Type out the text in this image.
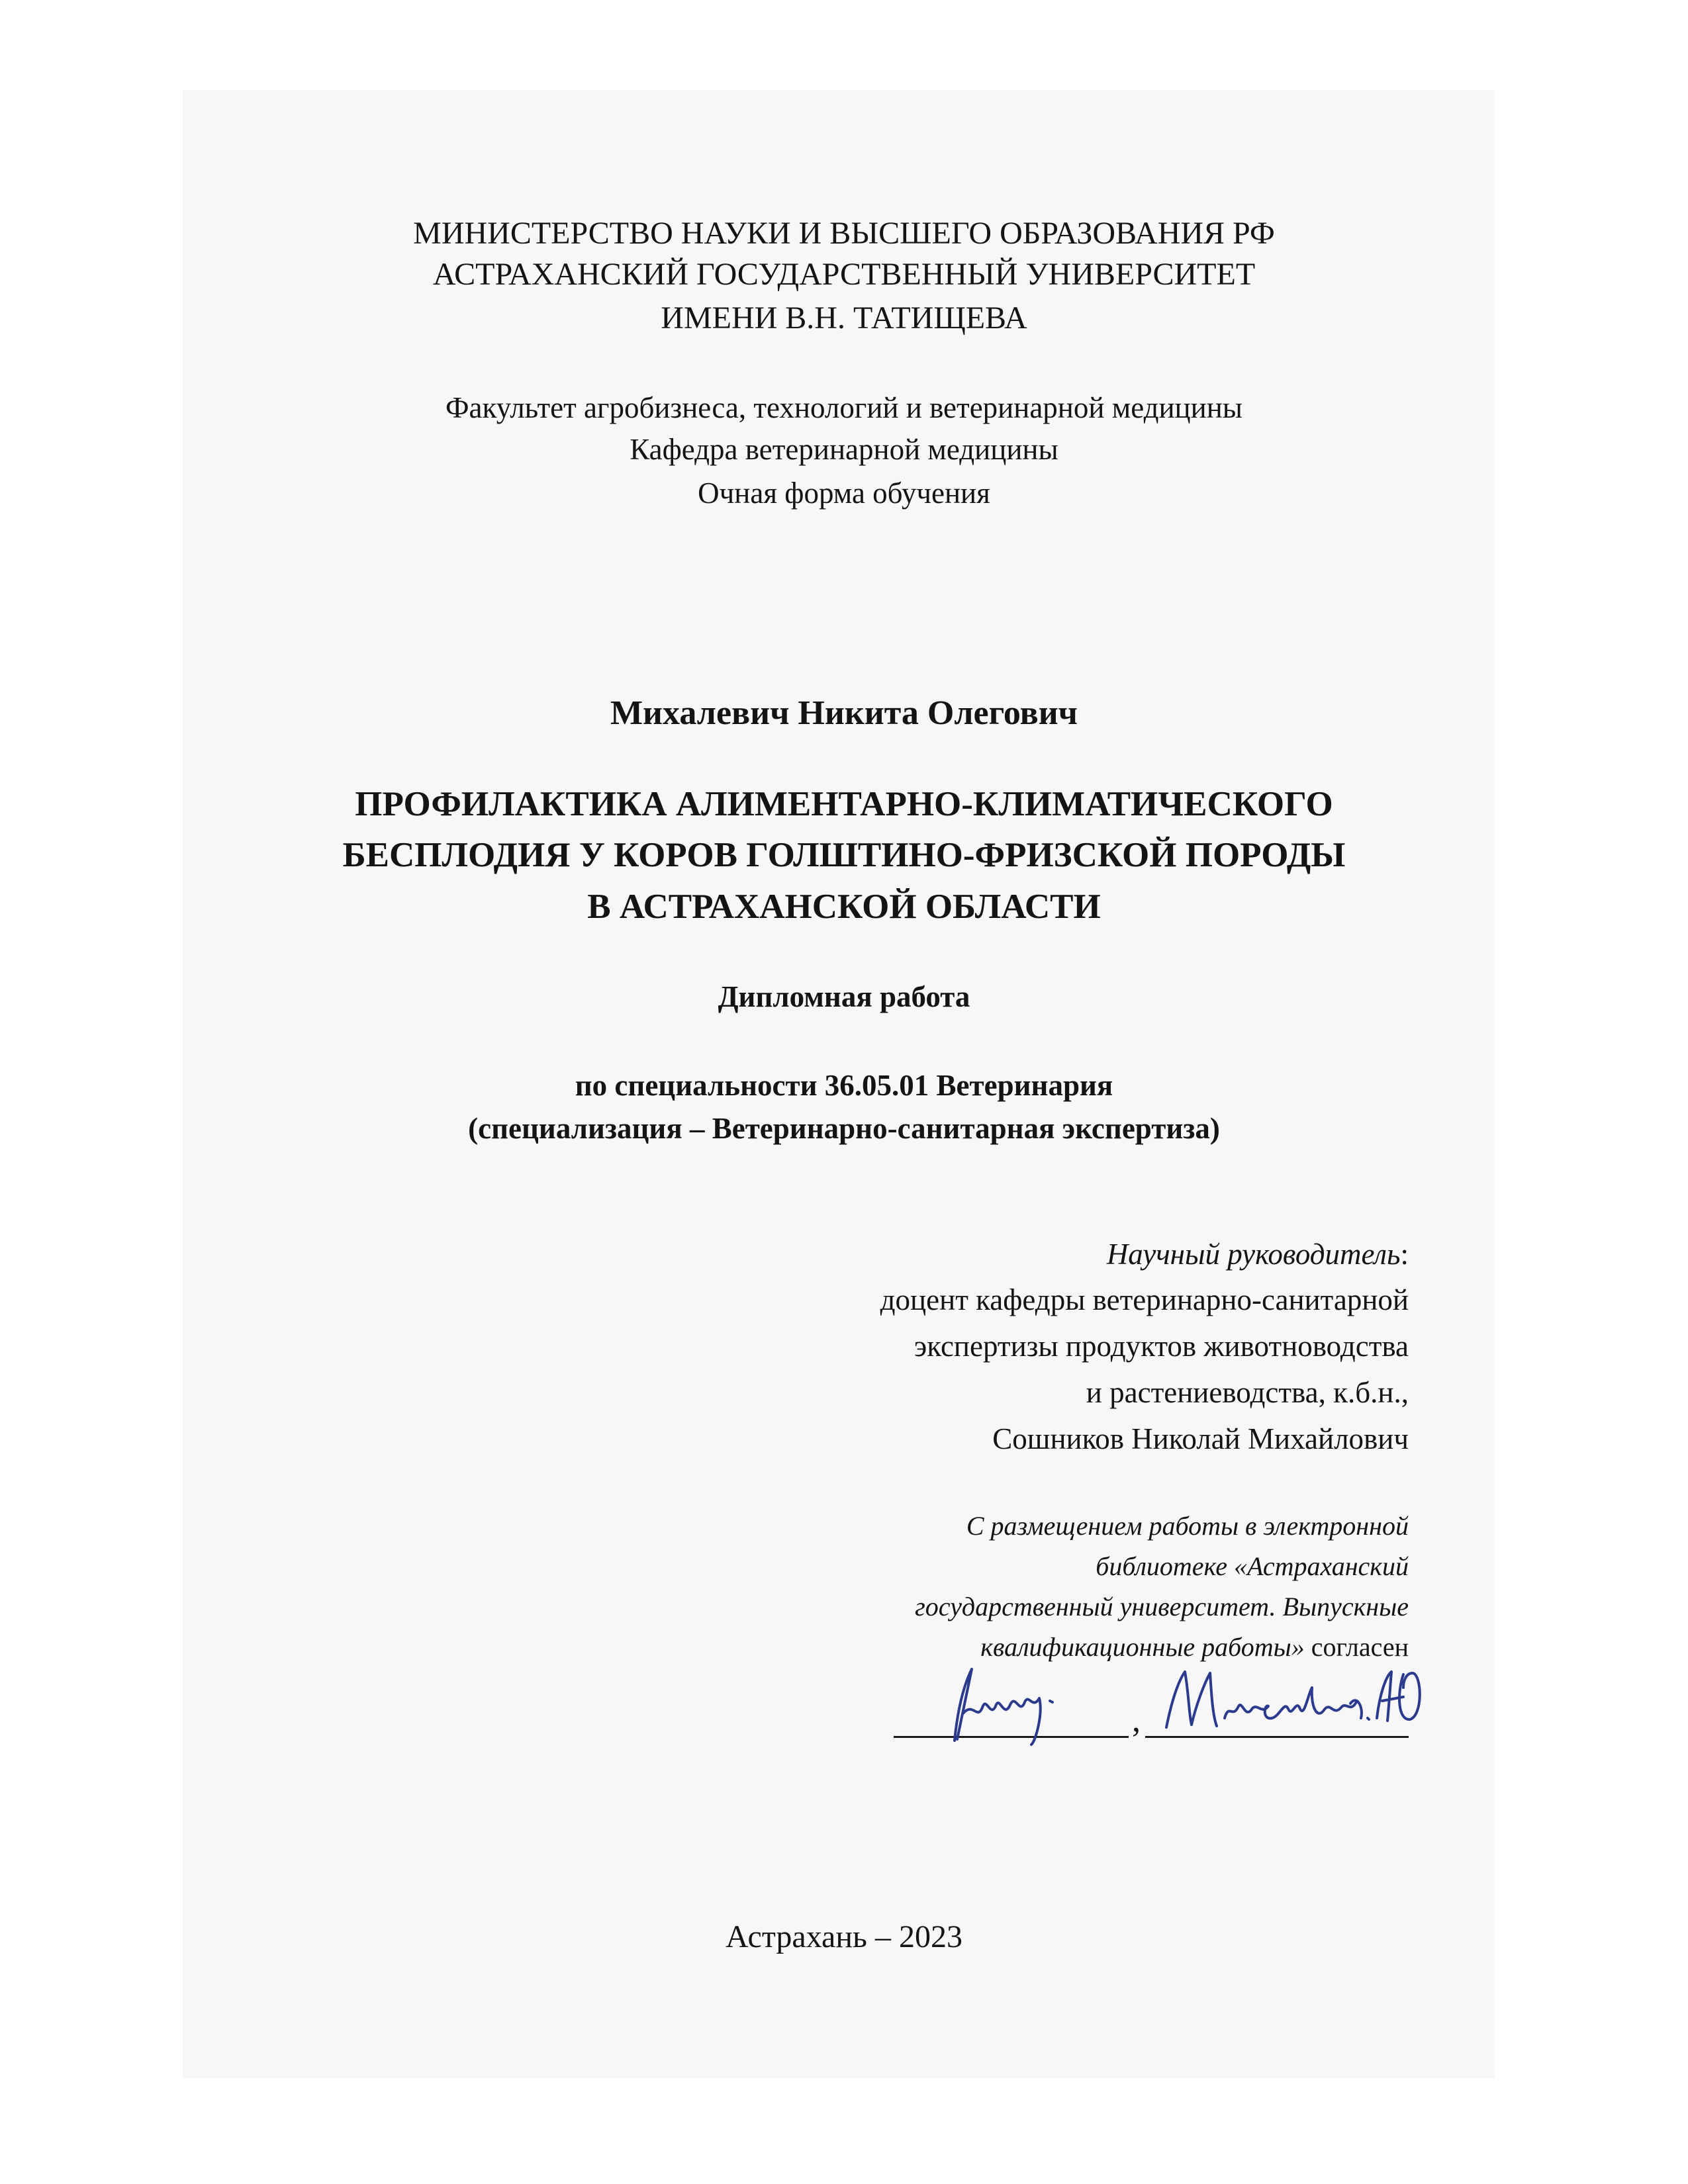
МИНИСТЕРСТВО НАУКИ И ВЫСШЕГО ОБРАЗОВАНИЯ РФ
АСТРАХАНСКИЙ ГОСУДАРСТВЕННЫЙ УНИВЕРСИТЕТ
ИМЕНИ В.Н. ТАТИЩЕВА
Факультет агробизнеса, технологий и ветеринарной медицины
Кафедра ветеринарной медицины
Очная форма обучения
Михалевич Никита Олегович
ПРОФИЛАКТИКА АЛИМЕНТАРНО-КЛИМАТИЧЕСКОГО
БЕСПЛОДИЯ У КОРОВ ГОЛШТИНО-ФРИЗСКОЙ ПОРОДЫ
В АСТРАХАНСКОЙ ОБЛАСТИ
Дипломная работа
по специальности 36.05.01 Ветеринария
(специализация – Ветеринарно-санитарная экспертиза)
Научный руководитель:
доцент кафедры ветеринарно-санитарной
экспертизы продуктов животноводства
и растениеводства, к.б.н.,
Сошников Николай Михайлович
С размещением работы в электронной
библиотеке «Астраханский
государственный университет. Выпускные
квалификационные работы» согласен
,
Астрахань – 2023
